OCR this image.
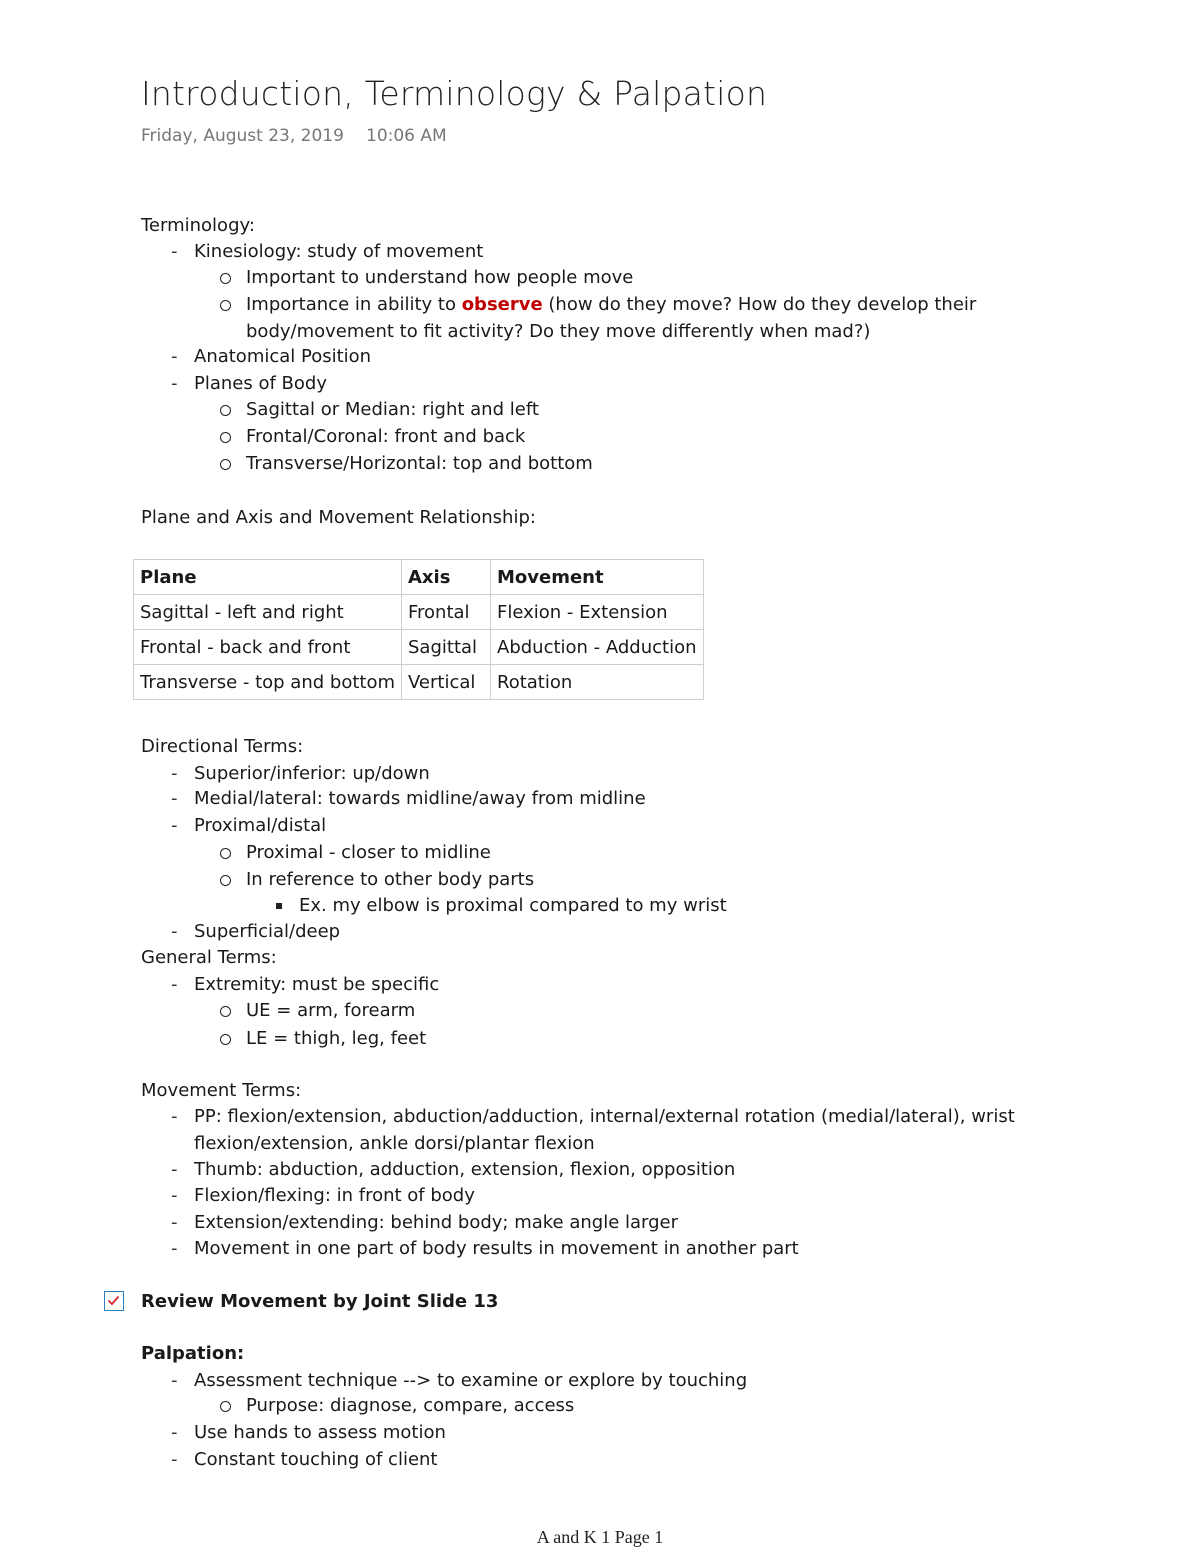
Introduction, Terminology & Palpation
Friday, August 23, 2019 10:06 AM
Terminology:
- Kinesiology: study of movement
Important to understand how people move
Importance in ability to observe (how do they move? How do they develop their
body/movement to fit activity? Do they move differently when mad?)
- Anatomical Position
- Planes of Body
Sagittal or Median: right and left
Frontal/Coronal: front and back
Transverse/Horizontal: top and bottom
Plane and Axis and Movement Relationship:
Plane	Axis	Movement
Sagittal - left and right	Frontal	Flexion - Extension
Frontal - back and front	Sagittal	Abduction - Adduction
Transverse - top and bottom	Vertical	Rotation
Directional Terms:
- Superior/inferior: up/down
- Medial/lateral: towards midline/away from midline
- Proximal/distal
Proximal - closer to midline
In reference to other body parts
Ex. my elbow is proximal compared to my wrist
- Superficial/deep
General Terms:
- Extremity: must be specific
UE = arm, forearm
LE = thigh, leg, feet
Movement Terms:
- PP: flexion/extension, abduction/adduction, internal/external rotation (medial/lateral), wrist
flexion/extension, ankle dorsi/plantar flexion
- Thumb: abduction, adduction, extension, flexion, opposition
- Flexion/flexing: in front of body
- Extension/extending: behind body; make angle larger
- Movement in one part of body results in movement in another part
Review Movement by Joint Slide 13
Palpation:
- Assessment technique --> to examine or explore by touching
Purpose: diagnose, compare, access
- Use hands to assess motion
- Constant touching of client
A and K 1 Page 1
